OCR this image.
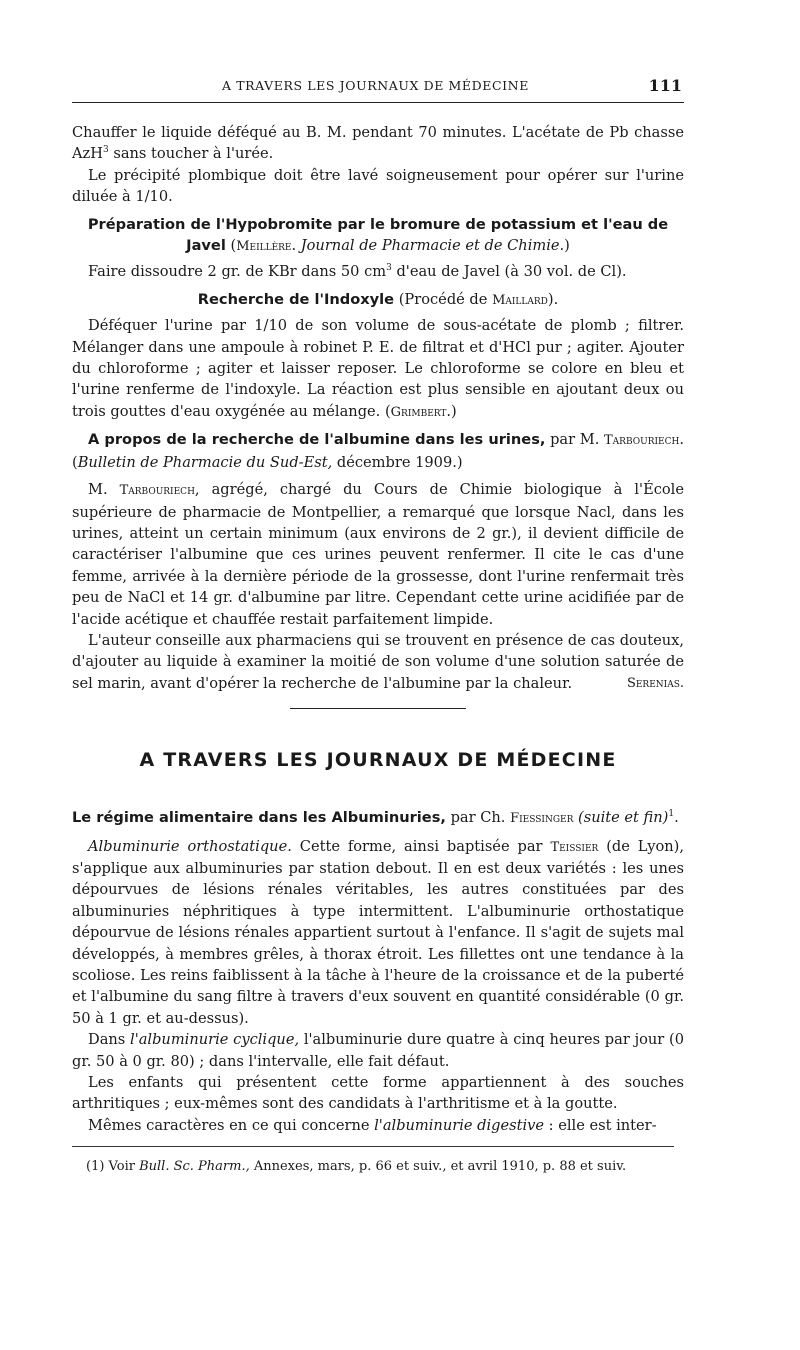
A TRAVERS LES JOURNAUX DE MÉDECINE	111

Chauffer le liquide déféqué au B. M. pendant 70 minutes. L'acétate de Pb chasse AzH$^3$ sans toucher à l'urée.

Le précipité plombique doit être lavé soigneusement pour opérer sur l'urine diluée à 1/10.

Préparation de l'Hypobromite par le bromure de potassium et l'eau de Javel (Meillère. Journal de Pharmacie et de Chimie.)

Faire dissoudre 2 gr. de KBr dans 50 $cm^3$ d'eau de Javel (à 30 vol. de Cl).

Recherche de l'Indoxyle (Procédé de Maillard).

Déféquer l'urine par 1/10 de son volume de sous-acétate de plomb ; filtrer. Mélanger dans une ampoule à robinet P. E. de filtrat et d'HCl pur ; agiter. Ajouter du chloroforme ; agiter et laisser reposer. Le chloroforme se colore en bleu et l'urine renferme de l'indoxyle. La réaction est plus sensible en ajoutant deux ou trois gouttes d'eau oxygénée au mélange. (Grimbert.)

A propos de la recherche de l'albumine dans les urines, par M. Tarbouriech. (Bulletin de Pharmacie du Sud-Est, décembre 1909.)

M. Tarbouriech, agrégé, chargé du Cours de Chimie biologique à l'École supérieure de pharmacie de Montpellier, a remarqué que lorsque Nacl, dans les urines, atteint un certain minimum (aux environs de 2 gr.), il devient difficile de caractériser l'albumine que ces urines peuvent renfermer. Il cite le cas d'une femme, arrivée à la dernière période de la grossesse, dont l'urine renfermait très peu de NaCl et 14 gr. d'albumine par litre. Cependant cette urine acidifiée par de l'acide acétique et chauffée restait parfaitement limpide.

L'auteur conseille aux pharmaciens qui se trouvent en présence de cas douteux, d'ajouter au liquide à examiner la moitié de son volume d'une solution saturée de sel marin, avant d'opérer la recherche de l'albumine par la chaleur.	Serenias.

A TRAVERS LES JOURNAUX DE MÉDECINE

Le régime alimentaire dans les Albuminuries, par Ch. Fiessinger (suite et fin)$^1$.

Albuminurie orthostatique. Cette forme, ainsi baptisée par Teissier (de Lyon), s'applique aux albuminuries par station debout. Il en est deux variétés : les unes dépourvues de lésions rénales véritables, les autres constituées par des albuminuries néphritiques à type intermittent. L'albuminurie orthostatique dépourvue de lésions rénales appartient surtout à l'enfance. Il s'agit de sujets mal développés, à membres grêles, à thorax étroit. Les fillettes ont une tendance à la scoliose. Les reins faiblissent à la tâche à l'heure de la croissance et de la puberté et l'albumine du sang filtre à travers d'eux souvent en quantité considérable (0 gr. 50 à 1 gr. et au-dessus).

Dans l'albuminurie cyclique, l'albuminurie dure quatre à cinq heures par jour (0 gr. 50 à 0 gr. 80) ; dans l'intervalle, elle fait défaut.

Les enfants qui présentent cette forme appartiennent à des souches arthritiques ; eux-mêmes sont des candidats à l'arthritisme et à la goutte.

Mêmes caractères en ce qui concerne l'albuminurie digestive : elle est inter-

(1) Voir Bull. Sc. Pharm., Annexes, mars, p. 66 et suiv., et avril 1910, p. 88 et suiv.
